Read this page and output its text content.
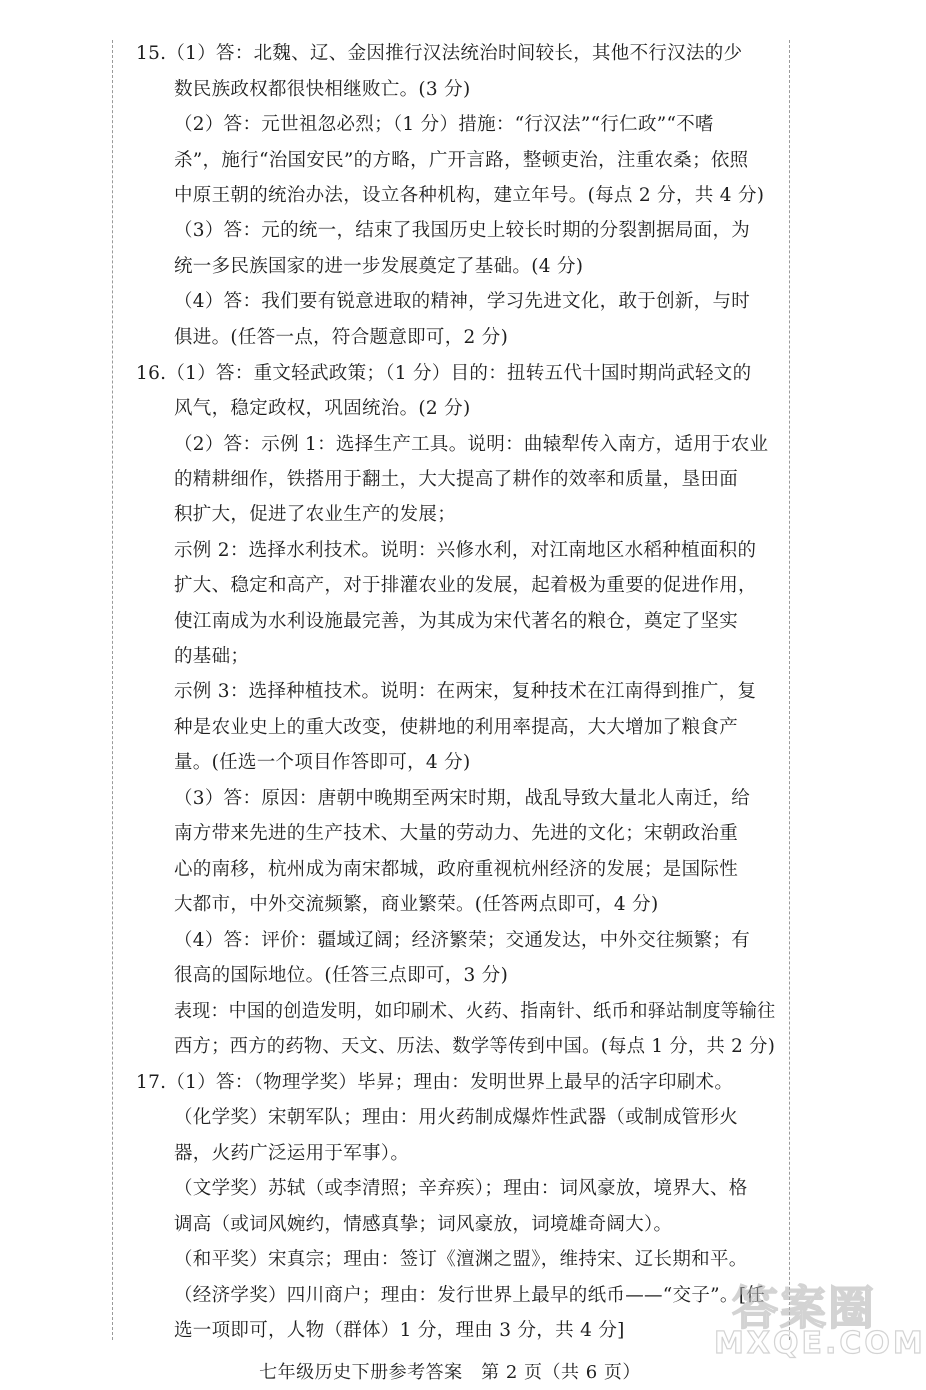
15.（1）答：北魏、辽、金因推行汉法统治时间较长，其他不行汉法的少
数民族政权都很快相继败亡。(3 分)
（2）答：元世祖忽必烈；（1 分）措施：“行汉法”“行仁政”“不嗜
杀”，施行“治国安民”的方略，广开言路，整顿吏治，注重农桑；依照
中原王朝的统治办法，设立各种机构，建立年号。(每点 2 分，共 4 分)
（3）答：元的统一，结束了我国历史上较长时期的分裂割据局面，为
统一多民族国家的进一步发展奠定了基础。(4 分)
（4）答：我们要有锐意进取的精神，学习先进文化，敢于创新，与时
俱进。(任答一点，符合题意即可，2 分)
16.（1）答：重文轻武政策；（1 分）目的：扭转五代十国时期尚武轻文的
风气，稳定政权，巩固统治。(2 分)
（2）答：示例 1：选择生产工具。说明：曲辕犁传入南方，适用于农业
的精耕细作，铁搭用于翻土，大大提高了耕作的效率和质量，垦田面
积扩大，促进了农业生产的发展；
示例 2：选择水利技术。说明：兴修水利，对江南地区水稻种植面积的
扩大、稳定和高产，对于排灌农业的发展，起着极为重要的促进作用，
使江南成为水利设施最完善，为其成为宋代著名的粮仓，奠定了坚实
的基础；
示例 3：选择种植技术。说明：在两宋，复种技术在江南得到推广，复
种是农业史上的重大改变，使耕地的利用率提高，大大增加了粮食产
量。(任选一个项目作答即可，4 分)
（3）答：原因：唐朝中晚期至两宋时期，战乱导致大量北人南迁，给
南方带来先进的生产技术、大量的劳动力、先进的文化；宋朝政治重
心的南移，杭州成为南宋都城，政府重视杭州经济的发展；是国际性
大都市，中外交流频繁，商业繁荣。(任答两点即可，4 分)
（4）答：评价：疆域辽阔；经济繁荣；交通发达，中外交往频繁；有
很高的国际地位。(任答三点即可，3 分)
表现：中国的创造发明，如印刷术、火药、指南针、纸币和驿站制度等输往
西方；西方的药物、天文、历法、数学等传到中国。(每点 1 分，共 2 分)
17.（1）答：（物理学奖）毕昇；理由：发明世界上最早的活字印刷术。
（化学奖）宋朝军队；理由：用火药制成爆炸性武器（或制成管形火
器，火药广泛运用于军事）。
（文学奖）苏轼（或李清照；辛弃疾）；理由：词风豪放，境界大、格
调高（或词风婉约，情感真挚；词风豪放，词境雄奇阔大）。
（和平奖）宋真宗；理由：签订《澶渊之盟》，维持宋、辽长期和平。
（经济学奖）四川商户；理由：发行世界上最早的纸币——“交子”。[任
选一项即可，人物（群体）1 分，理由 3 分，共 4 分]	答案圈
MXQE.COM
七年级历史下册参考答案　第 2 页（共 6 页）
